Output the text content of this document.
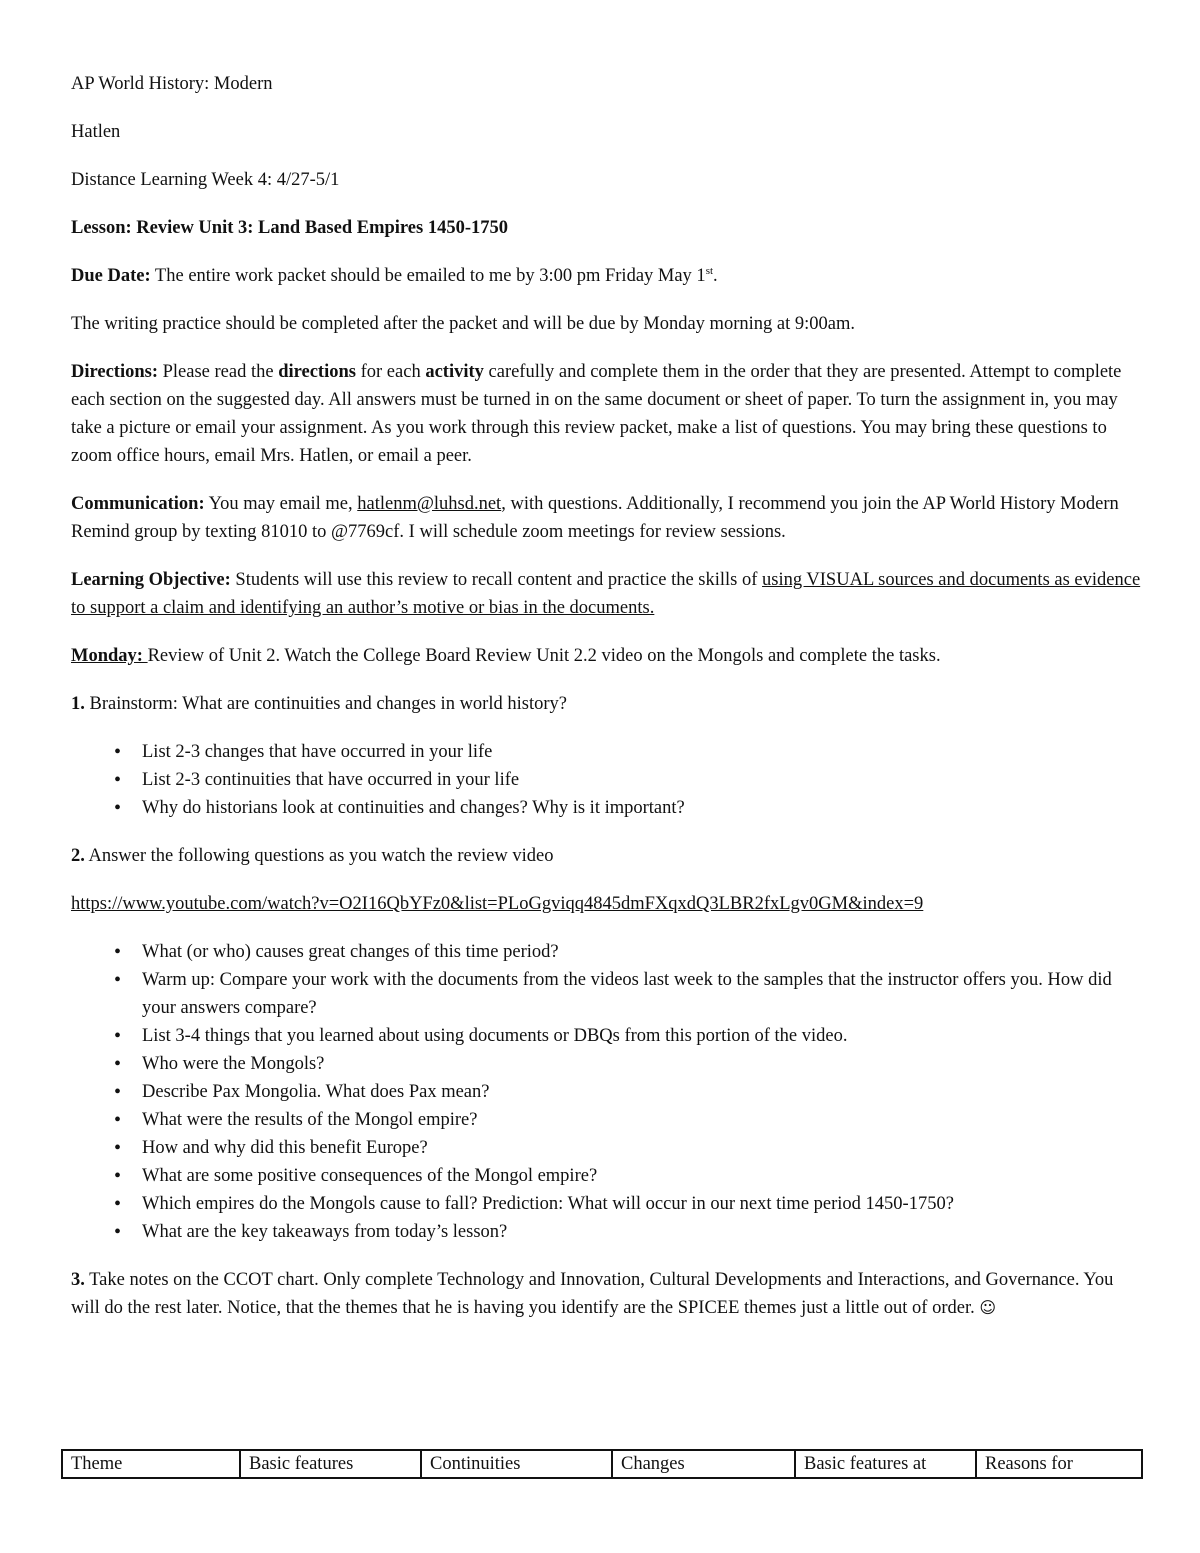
AP World History: Modern

Hatlen

Distance Learning Week 4: 4/27-5/1

Lesson: Review Unit 3: Land Based Empires 1450-1750

Due Date: The entire work packet should be emailed to me by 3:00 pm Friday May 1st.

The writing practice should be completed after the packet and will be due by Monday morning at 9:00am.

Directions: Please read the directions for each activity carefully and complete them in the order that they are presented. Attempt to complete each section on the suggested day. All answers must be turned in on the same document or sheet of paper. To turn the assignment in, you may take a picture or email your assignment. As you work through this review packet, make a list of questions. You may bring these questions to zoom office hours, email Mrs. Hatlen, or email a peer.

Communication: You may email me, hatlenm@luhsd.net, with questions. Additionally, I recommend you join the AP World History Modern Remind group by texting 81010 to @7769cf. I will schedule zoom meetings for review sessions.

Learning Objective: Students will use this review to recall content and practice the skills of using VISUAL sources and documents as evidence to support a claim and identifying an author’s motive or bias in the documents.

Monday: Review of Unit 2. Watch the College Board Review Unit 2.2 video on the Mongols and complete the tasks.

1. Brainstorm: What are continuities and changes in world history?

• List 2-3 changes that have occurred in your life
• List 2-3 continuities that have occurred in your life
• Why do historians look at continuities and changes? Why is it important?

2. Answer the following questions as you watch the review video

https://www.youtube.com/watch?v=O2I16QbYFz0&list=PLoGgviqq4845dmFXqxdQ3LBR2fxLgv0GM&index=9

• What (or who) causes great changes of this time period?
• Warm up: Compare your work with the documents from the videos last week to the samples that the instructor offers you. How did your answers compare?
• List 3-4 things that you learned about using documents or DBQs from this portion of the video.
• Who were the Mongols?
• Describe Pax Mongolia. What does Pax mean?
• What were the results of the Mongol empire?
• How and why did this benefit Europe?
• What are some positive consequences of the Mongol empire?
• Which empires do the Mongols cause to fall? Prediction: What will occur in our next time period 1450-1750?
• What are the key takeaways from today’s lesson?

3. Take notes on the CCOT chart. Only complete Technology and Innovation, Cultural Developments and Interactions, and Governance. You will do the rest later. Notice, that the themes that he is having you identify are the SPICEE themes just a little out of order. ☺

Theme	Basic features	Continuities	Changes	Basic features at	Reasons for
